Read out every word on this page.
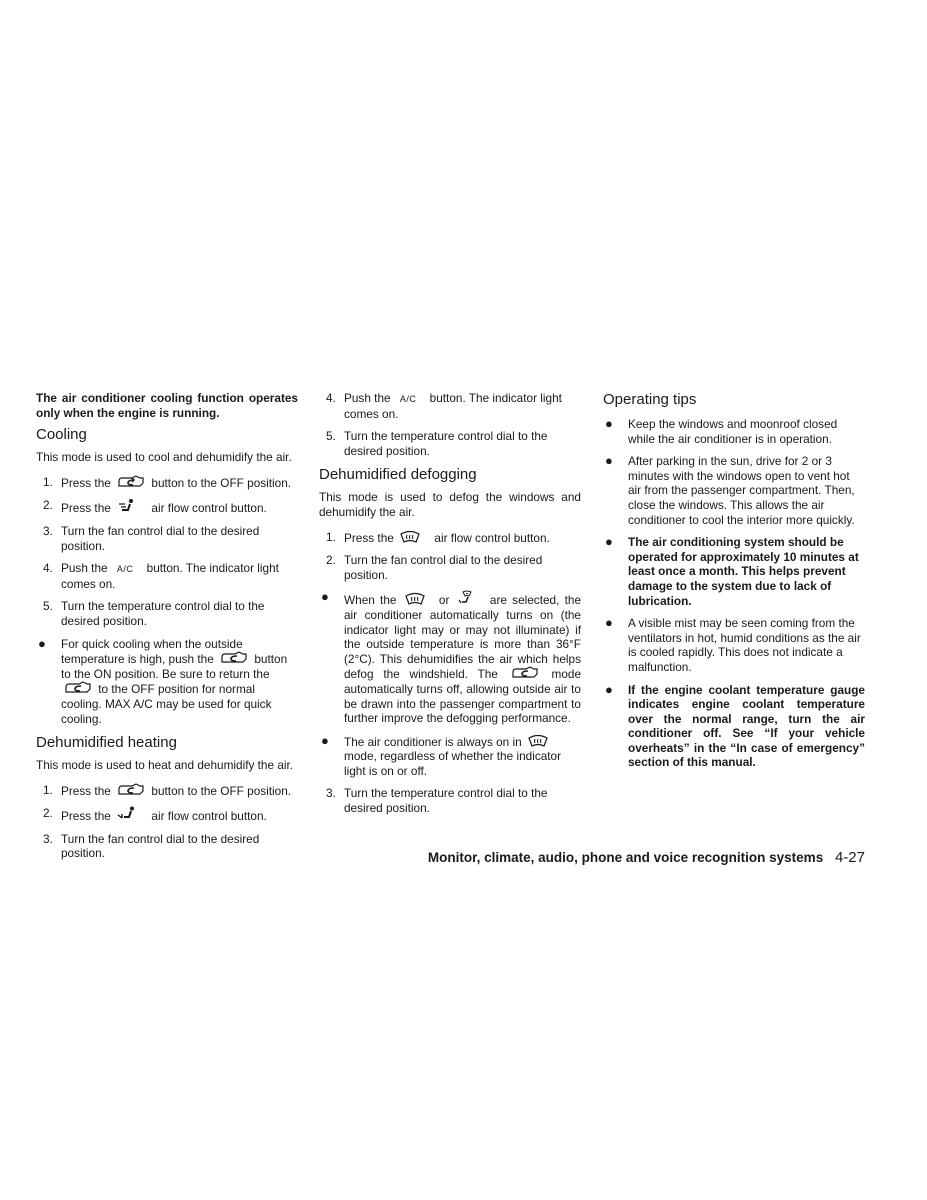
The air conditioner cooling function operates only when the engine is running.

Cooling

This mode is used to cool and dehumidify the air.

1. Press the	button to the OFF position.
2. Press the	air flow control button.
3. Turn the fan control dial to the desired position.
4. Push the A/C button. The indicator light comes on.
5. Turn the temperature control dial to the desired position.
● For quick cooling when the outside temperature is high, push the	button to the ON position. Be sure to return the  to the OFF position for normal cooling. MAX A/C may be used for quick cooling.
Dehumidified heating

This mode is used to heat and dehumidify the air.

1. Press the	button to the OFF position.
2. Press the	air flow control button.
3. Turn the fan control dial to the desired position.
4. Push the A/C button. The indicator light comes on.
5. Turn the temperature control dial to the desired position.
Dehumidified defogging

This mode is used to defog the windows and dehumidify the air.

1. Press the	air flow control button.
2. Turn the fan control dial to the desired position.
● When the	or	are selected, the air conditioner automatically turns on (the indicator light may or may not illuminate) if the outside temperature is more than 36°F (2°C). This dehumidifies the air which helps defog the windshield. The	mode automatically turns off, allowing outside air to be drawn into the passenger compartment to further improve the defogging performance.
● The air conditioner is always on in  mode, regardless of whether the indicator light is on or off.
3. Turn the temperature control dial to the desired position.
Operating tips
● Keep the windows and moonroof closed while the air conditioner is in operation.
● After parking in the sun, drive for 2 or 3 minutes with the windows open to vent hot air from the passenger compartment. Then, close the windows. This allows the air conditioner to cool the interior more quickly.
● The air conditioning system should be operated for approximately 10 minutes at least once a month. This helps prevent damage to the system due to lack of lubrication.
● A visible mist may be seen coming from the ventilators in hot, humid conditions as the air is cooled rapidly. This does not indicate a malfunction.
● If the engine coolant temperature gauge indicates engine coolant temperature over the normal range, turn the air conditioner off. See “If your vehicle overheats” in the “In case of emergency” section of this manual.
Monitor, climate, audio, phone and voice recognition systems 4-27
